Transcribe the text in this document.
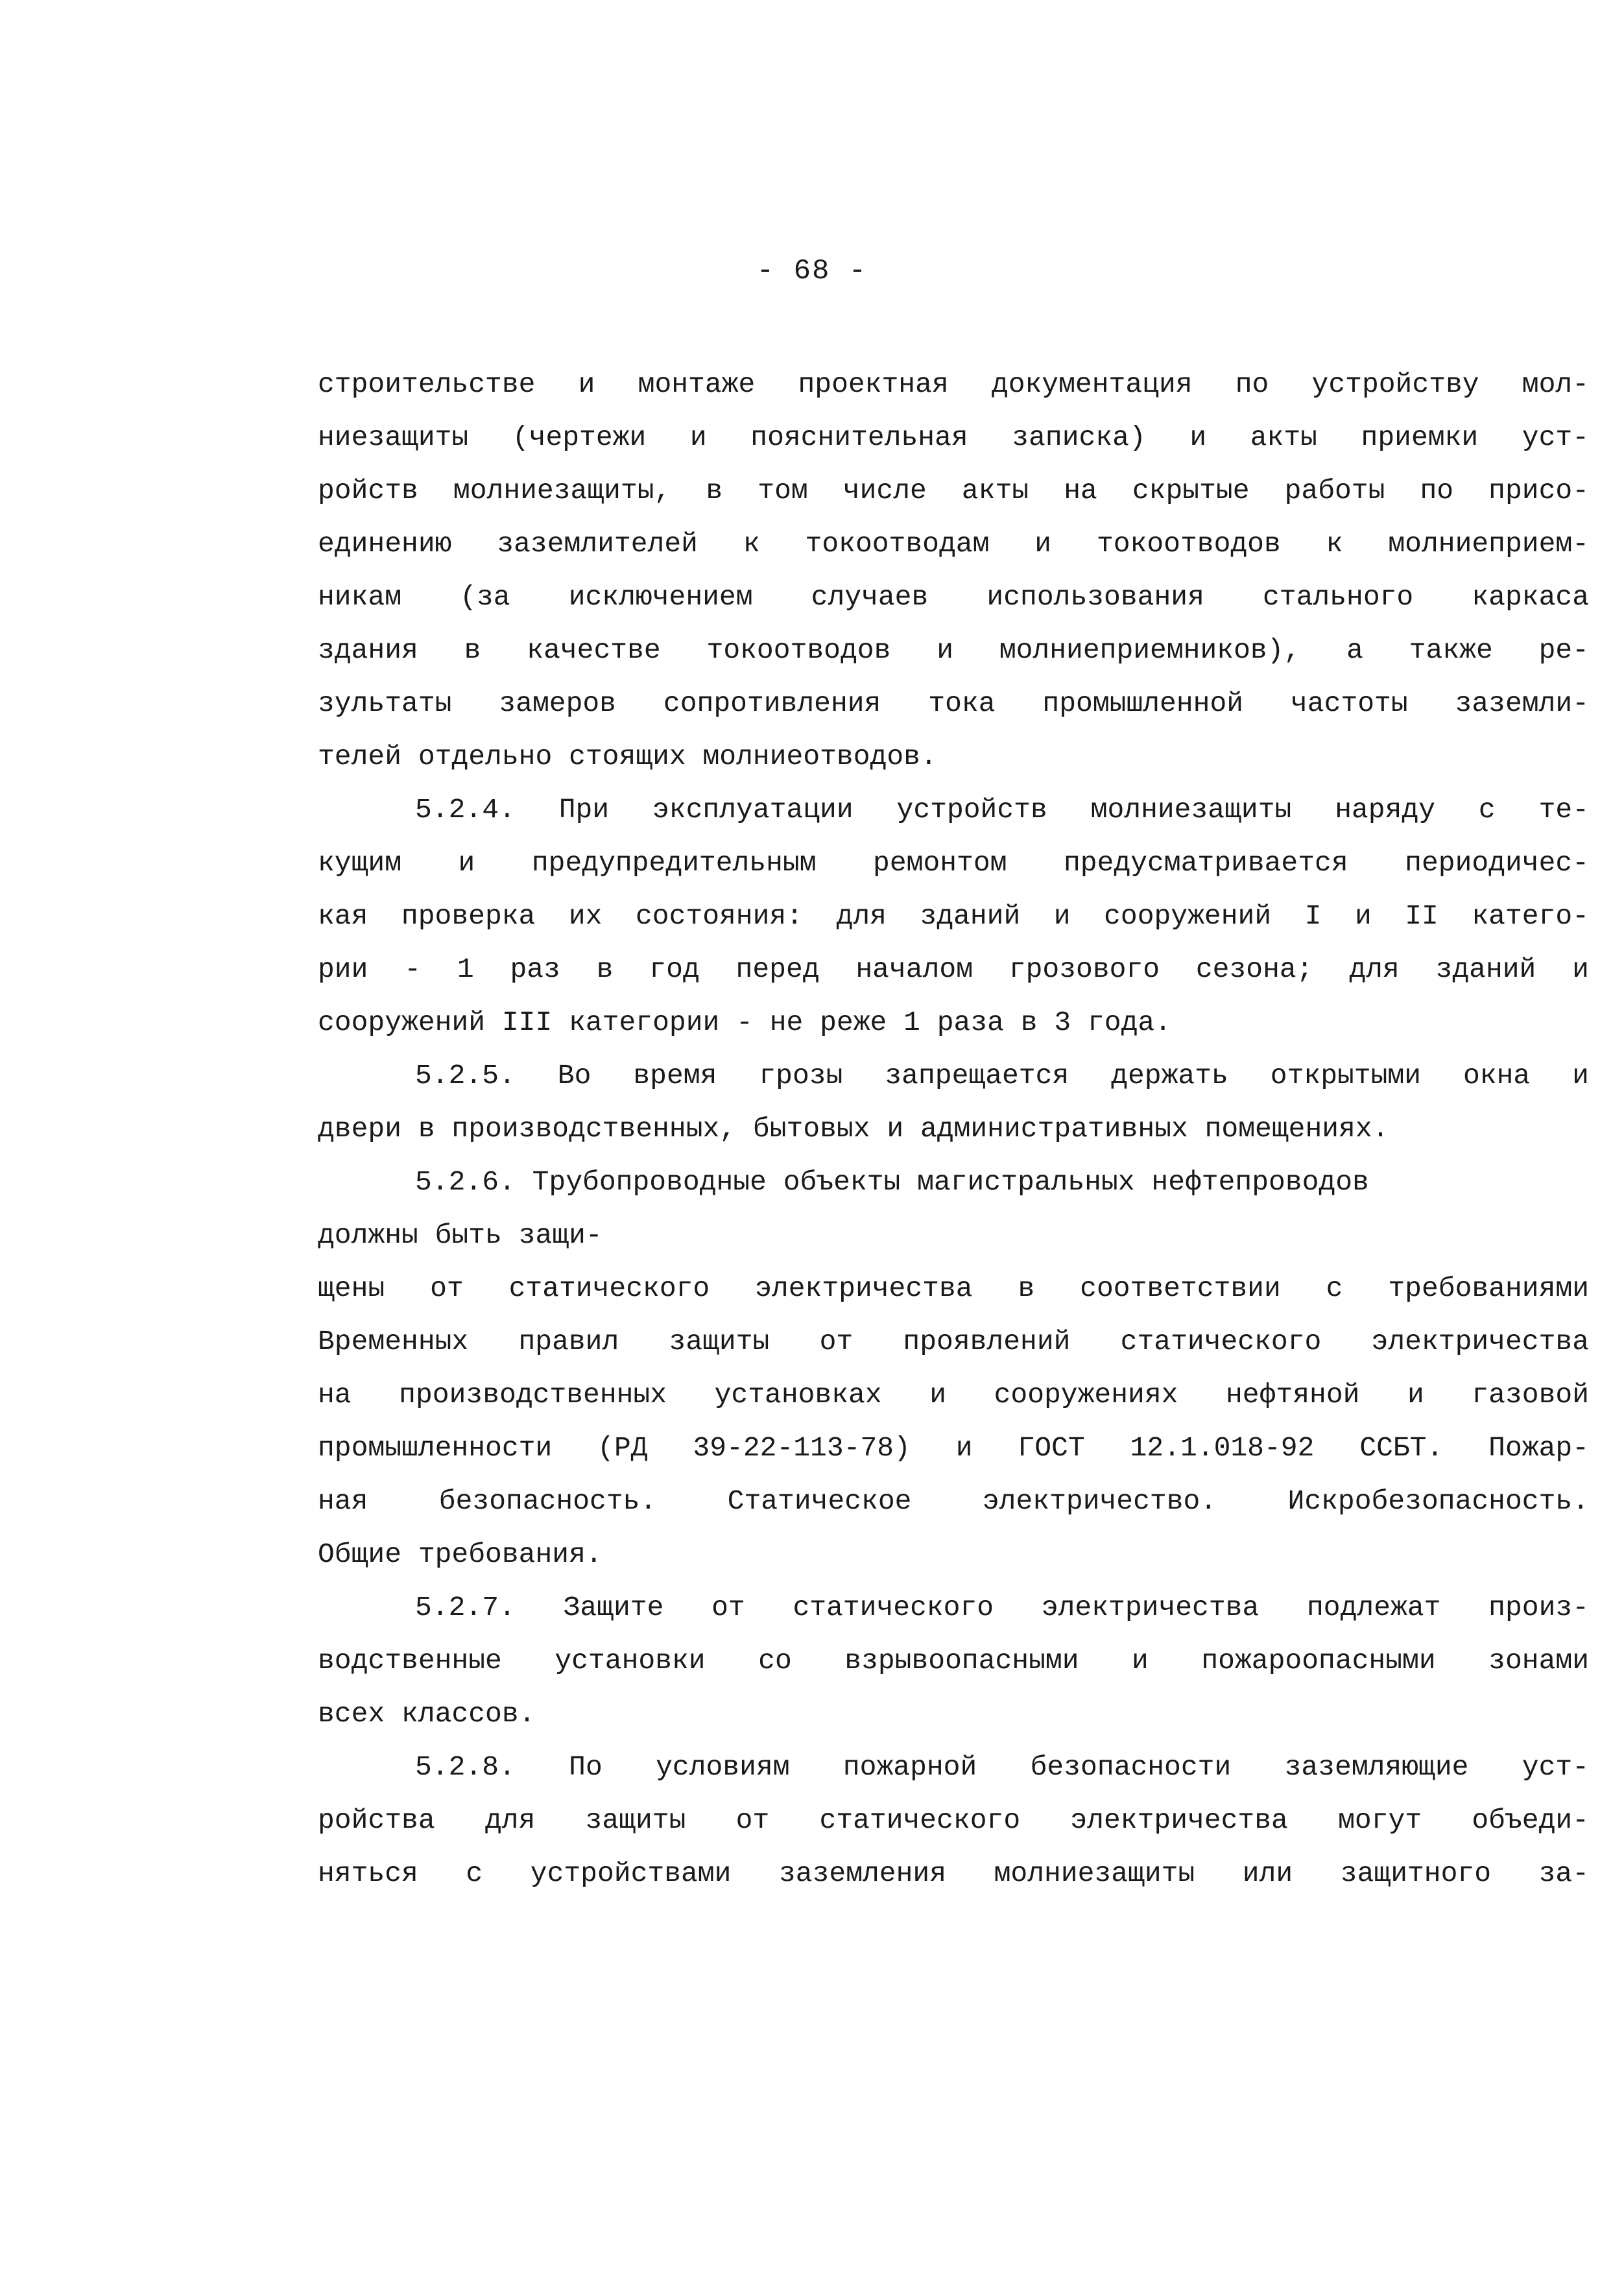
- 68 -
строительстве и монтаже проектная документация по устройству мол-
ниезащиты (чертежи и пояснительная записка) и акты приемки уст-
ройств молниезащиты, в том числе акты на скрытые работы по присо-
единению заземлителей к токоотводам и токоотводов к молниеприем-
никам (за исключением случаев использования стального каркаса
здания в качестве токоотводов и молниеприемников), а также ре-
зультаты замеров сопротивления тока промышленной частоты заземли-
телей отдельно стоящих молниеотводов.
5.2.4. При эксплуатации устройств молниезащиты наряду с те-
кущим и предупредительным ремонтом предусматривается периодичес-
кая проверка их состояния: для зданий и сооружений I и II катего-
рии - 1 раз в год перед началом грозового сезона; для зданий и
сооружений III категории - не реже 1 раза в 3 года.
5.2.5. Во время грозы запрещается держать открытыми окна и
двери в производственных, бытовых и административных помещениях.
5.2.6. Трубопроводные объекты магистральных нефтепроводов
должны быть защи-
щены от статического электричества в соответствии с требованиями
Временных правил защиты от проявлений статического электричества
на производственных установках и сооружениях нефтяной и газовой
промышленности (РД 39-22-113-78) и ГОСТ 12.1.018-92 ССБТ. Пожар-
ная безопасность. Статическое электричество. Искробезопасность.
Общие требования.
5.2.7. Защите от статического электричества подлежат произ-
водственные установки со взрывоопасными и пожароопасными зонами
всех классов.
5.2.8. По условиям пожарной безопасности заземляющие уст-
ройства для защиты от статического электричества могут объеди-
няться с устройствами заземления молниезащиты или защитного за-
